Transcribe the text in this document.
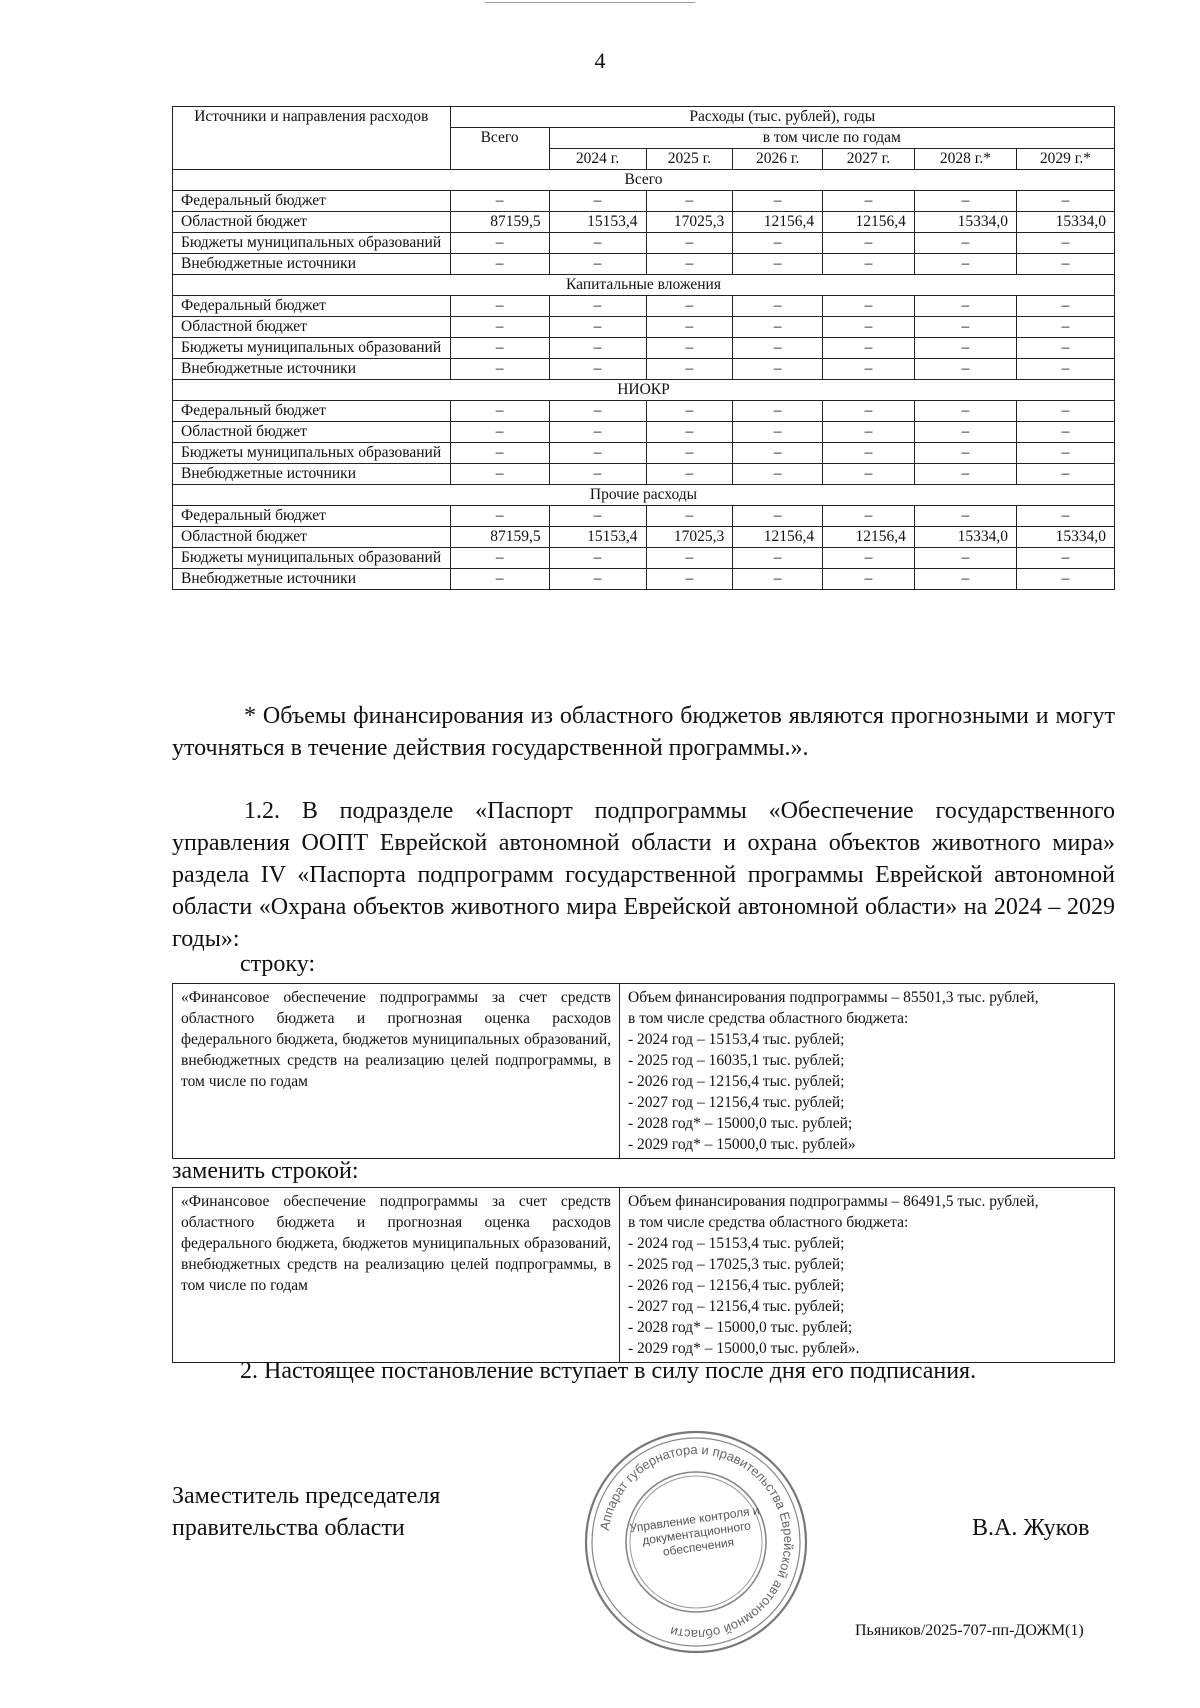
4
Источники и направления расходов	Расходы (тыс. рублей), годы						
	Всего	в том числе по годам					
		2024 г.	2025 г.	2026 г.	2027 г.	2028 г.*	2029 г.*
Всего							
Федеральный бюджет	–	–	–	–	–	–	–
Областной бюджет	87159,5	15153,4	17025,3	12156,4	12156,4	15334,0	15334,0
Бюджеты муниципальных образований	–	–	–	–	–	–	–
Внебюджетные источники	–	–	–	–	–	–	–
Капитальные вложения							
Федеральный бюджет	–	–	–	–	–	–	–
Областной бюджет	–	–	–	–	–	–	–
Бюджеты муниципальных образований	–	–	–	–	–	–	–
Внебюджетные источники	–	–	–	–	–	–	–
НИОКР							
Федеральный бюджет	–	–	–	–	–	–	–
Областной бюджет	–	–	–	–	–	–	–
Бюджеты муниципальных образований	–	–	–	–	–	–	–
Внебюджетные источники	–	–	–	–	–	–	–
Прочие расходы							
Федеральный бюджет	–	–	–	–	–	–	–
Областной бюджет	87159,5	15153,4	17025,3	12156,4	12156,4	15334,0	15334,0
Бюджеты муниципальных образований	–	–	–	–	–	–	–
Внебюджетные источники	–	–	–	–	–	–	–

* Объемы финансирования из областного бюджетов являются прогнозными и могут уточняться в течение действия государственной программы.».

1.2. В подразделе «Паспорт подпрограммы «Обеспечение государственного управления ООПТ Еврейской автономной области и охрана объектов животного мира» раздела IV «Паспорта подпрограмм государственной программы Еврейской автономной области «Охрана объектов животного мира Еврейской автономной области» на 2024 – 2029 годы»:

строку:
«Финансовое обеспечение подпрограммы за счет средств областного бюджета и прогнозная оценка расходов федерального бюджета, бюджетов муниципальных образований, внебюджетных средств на реализацию целей подпрограммы, в том числе по годам	
Объем финансирования подпрограммы – 85501,3 тыс. рублей,
в том числе средства областного бюджета:
- 2024 год – 15153,4 тыс. рублей;
- 2025 год – 16035,1 тыс. рублей;
- 2026 год – 12156,4 тыс. рублей;
- 2027 год – 12156,4 тыс. рублей;
- 2028 год* – 15000,0 тыс. рублей;
- 2029 год* – 15000,0 тыс. рублей»
заменить строкой:
«Финансовое обеспечение подпрограммы за счет средств областного бюджета и прогнозная оценка расходов федерального бюджета, бюджетов муниципальных образований, внебюджетных средств на реализацию целей подпрограммы, в том числе по годам	
Объем финансирования подпрограммы – 86491,5 тыс. рублей,
в том числе средства областного бюджета:
- 2024 год – 15153,4 тыс. рублей;
- 2025 год – 17025,3 тыс. рублей;
- 2026 год – 12156,4 тыс. рублей;
- 2027 год – 12156,4 тыс. рублей;
- 2028 год* – 15000,0 тыс. рублей;
- 2029 год* – 15000,0 тыс. рублей».
2. Настоящее постановление вступает в силу после дня его подписания.
Заместитель председателя
правительства области	Аппарат губернатора и правительства Еврейской автономной области
Управление контроля и документационного обеспечения
В.А. Жуков
Пьяников/2025-707-пп-ДОЖМ(1)
